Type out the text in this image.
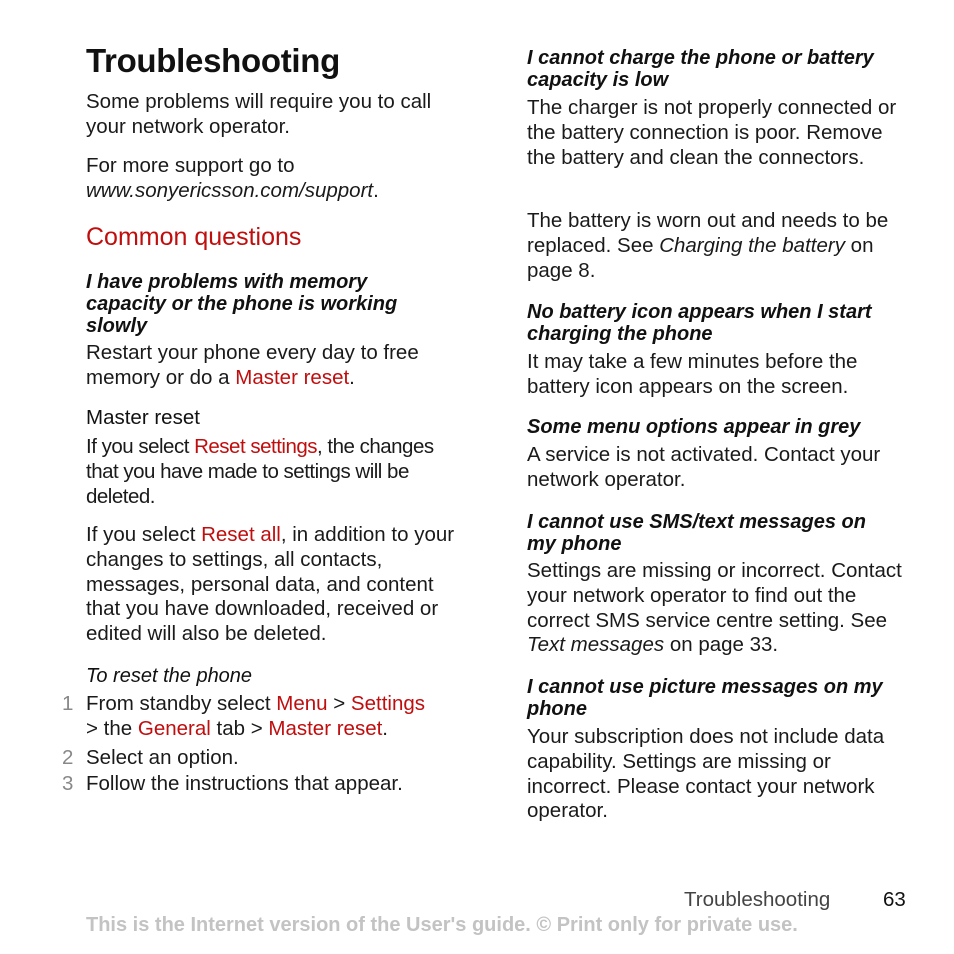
Troubleshooting

Some problems will require you to call your network operator.

For more support go to
www.sonyericsson.com/support.

Common questions

I have problems with memory capacity or the phone is working slowly

Restart your phone every day to free memory or do a Master reset.

Master reset

If you select Reset settings, the changes that you have made to settings will be deleted.

If you select Reset all, in addition to your changes to settings, all contacts, messages, personal data, and content that you have downloaded, received or edited will also be deleted.

To reset the phone

1 From standby select Menu > Settings
> the General tab > Master reset.
2 Select an option.
3 Follow the instructions that appear.

I cannot charge the phone or battery capacity is low

The charger is not properly connected or the battery connection is poor. Remove the battery and clean the connectors.

The battery is worn out and needs to be replaced. See Charging the battery on page 8.

No battery icon appears when I start charging the phone

It may take a few minutes before the battery icon appears on the screen.

Some menu options appear in grey

A service is not activated. Contact your network operator.

I cannot use SMS/text messages on my phone

Settings are missing or incorrect. Contact your network operator to find out the correct SMS service centre setting. See Text messages on page 33.

I cannot use picture messages on my phone

Your subscription does not include data capability. Settings are missing or incorrect. Please contact your network operator.

Troubleshooting	63
This is the Internet version of the User's guide. © Print only for private use.
